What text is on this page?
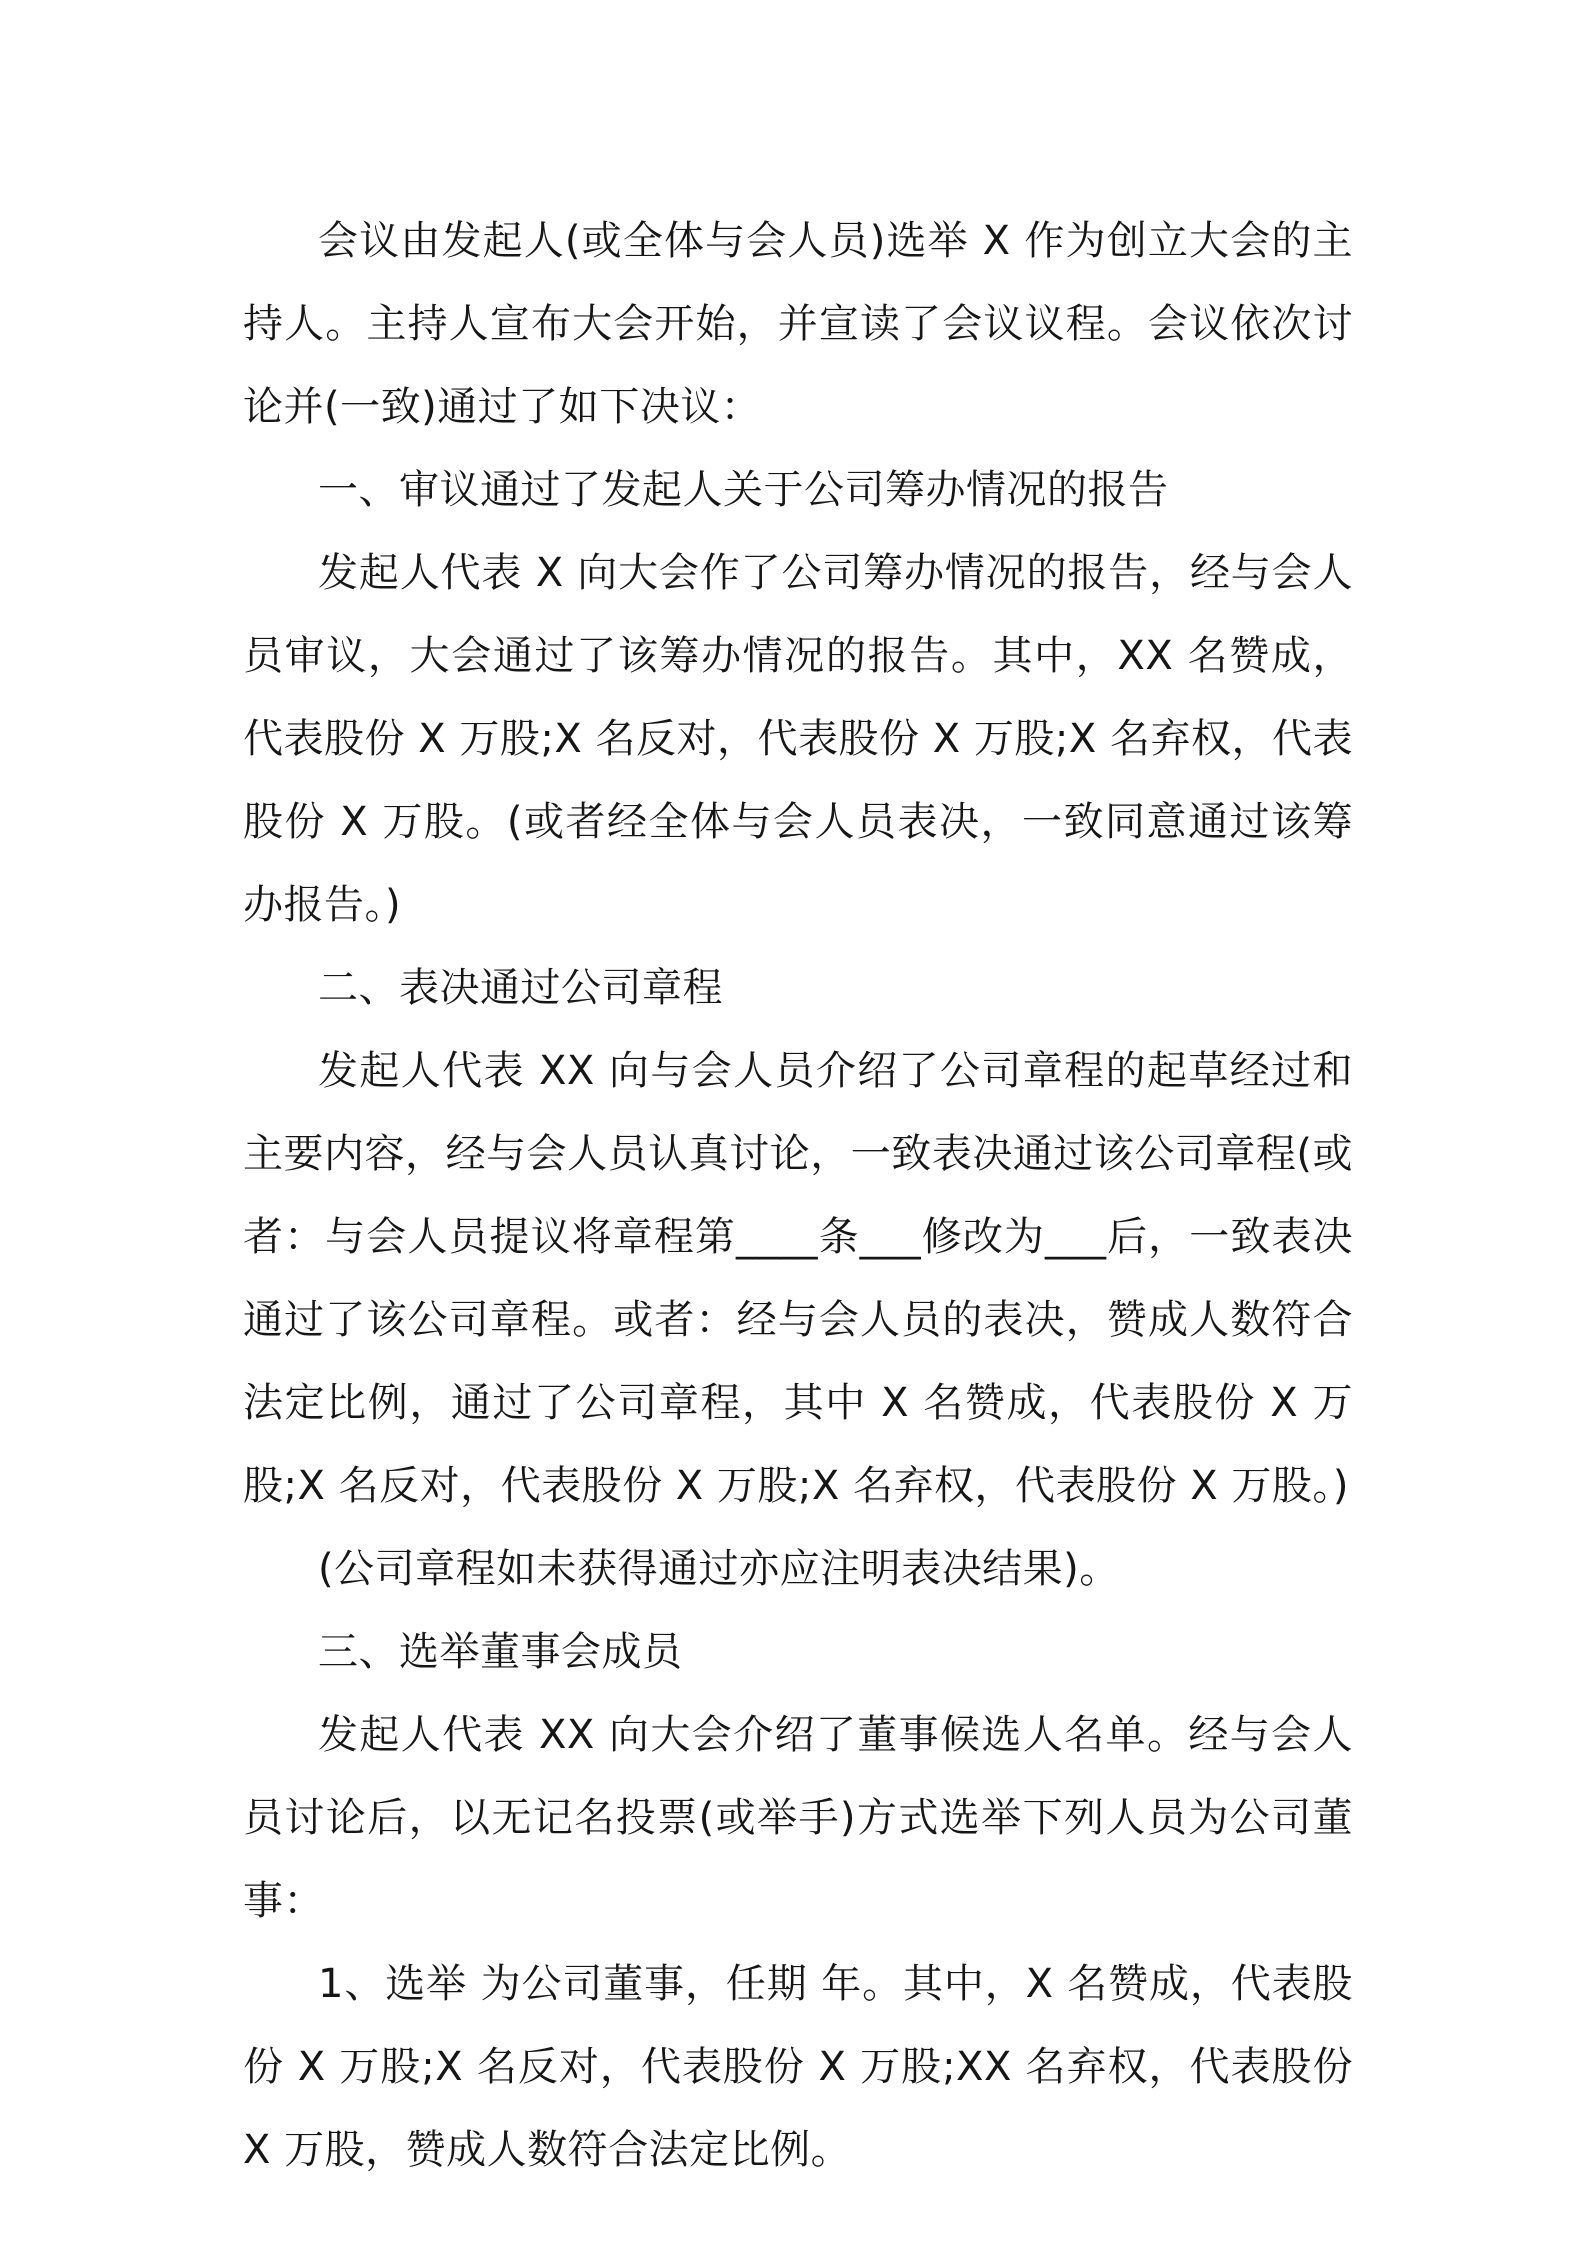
会议由发起人(或全体与会人员)选举 X 作为创立大会的主持人。主持人宣布大会开始，并宣读了会议议程。会议依次讨论并(一致)通过了如下决议：

一、审议通过了发起人关于公司筹办情况的报告

发起人代表 X 向大会作了公司筹办情况的报告，经与会人员审议，大会通过了该筹办情况的报告。其中，XX 名赞成，代表股份 X 万股;X 名反对，代表股份 X 万股;X 名弃权，代表股份 X 万股。(或者经全体与会人员表决，一致同意通过该筹办报告。)

二、表决通过公司章程

发起人代表 XX 向与会人员介绍了公司章程的起草经过和主要内容，经与会人员认真讨论，一致表决通过该公司章程(或者：与会人员提议将章程第____条___修改为___后，一致表决通过了该公司章程。或者：经与会人员的表决，赞成人数符合法定比例，通过了公司章程，其中 X 名赞成，代表股份 X 万股;X 名反对，代表股份 X 万股;X 名弃权，代表股份 X 万股。)

(公司章程如未获得通过亦应注明表决结果)。

三、选举董事会成员

发起人代表 XX 向大会介绍了董事候选人名单。经与会人员讨论后，以无记名投票(或举手)方式选举下列人员为公司董事：

1、选举 为公司董事，任期 年。其中，X 名赞成，代表股份 X 万股;X 名反对，代表股份 X 万股;XX 名弃权，代表股份 X 万股，赞成人数符合法定比例。
